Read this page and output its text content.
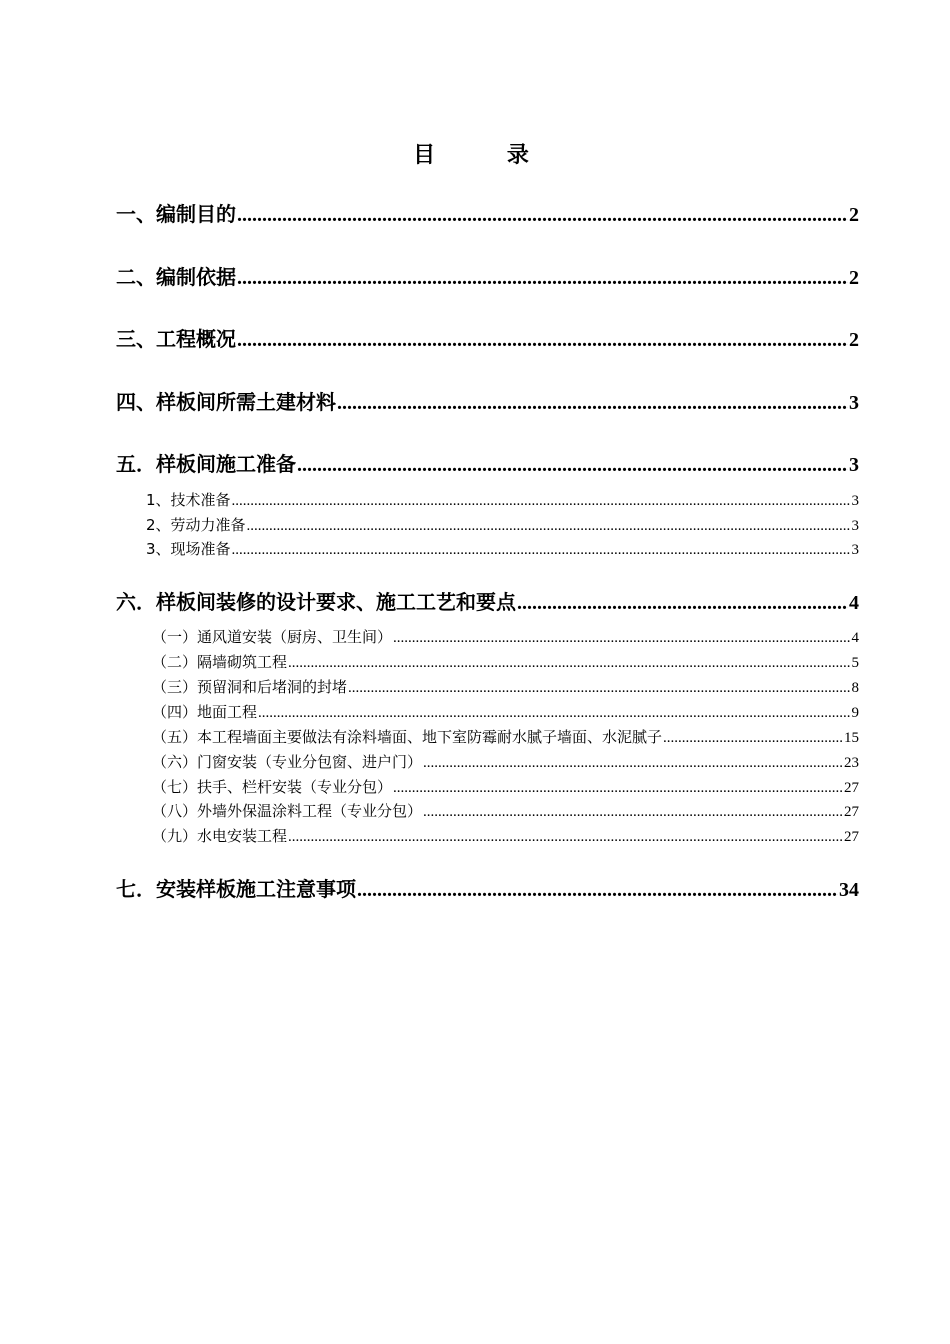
目 录
一、编制目的 .....	2
二、编制依据 .....	2
三、工程概况 .....	2
四、样板间所需土建材料 .....	3
五．样板间施工准备 .....	3
1、技术准备 .....	3
2、劳动力准备 .....	3
3、现场准备 .....	3
六．样板间装修的设计要求、施工工艺和要点 .....	4
（一）通风道安装（厨房、卫生间） .....	4
（二）隔墙砌筑工程 .....	5
（三）预留洞和后堵洞的封堵 .....	8
（四）地面工程 .....	9
（五）本工程墙面主要做法有涂料墙面、地下室防霉耐水腻子墙面、水泥腻子 .....	15
（六）门窗安装（专业分包窗、进户门） .....	23
（七）扶手、栏杆安装（专业分包） .....	27
（八）外墙外保温涂料工程（专业分包） .....	27
（九）水电安装工程 .....	27
七．安装样板施工注意事项 .....	34
